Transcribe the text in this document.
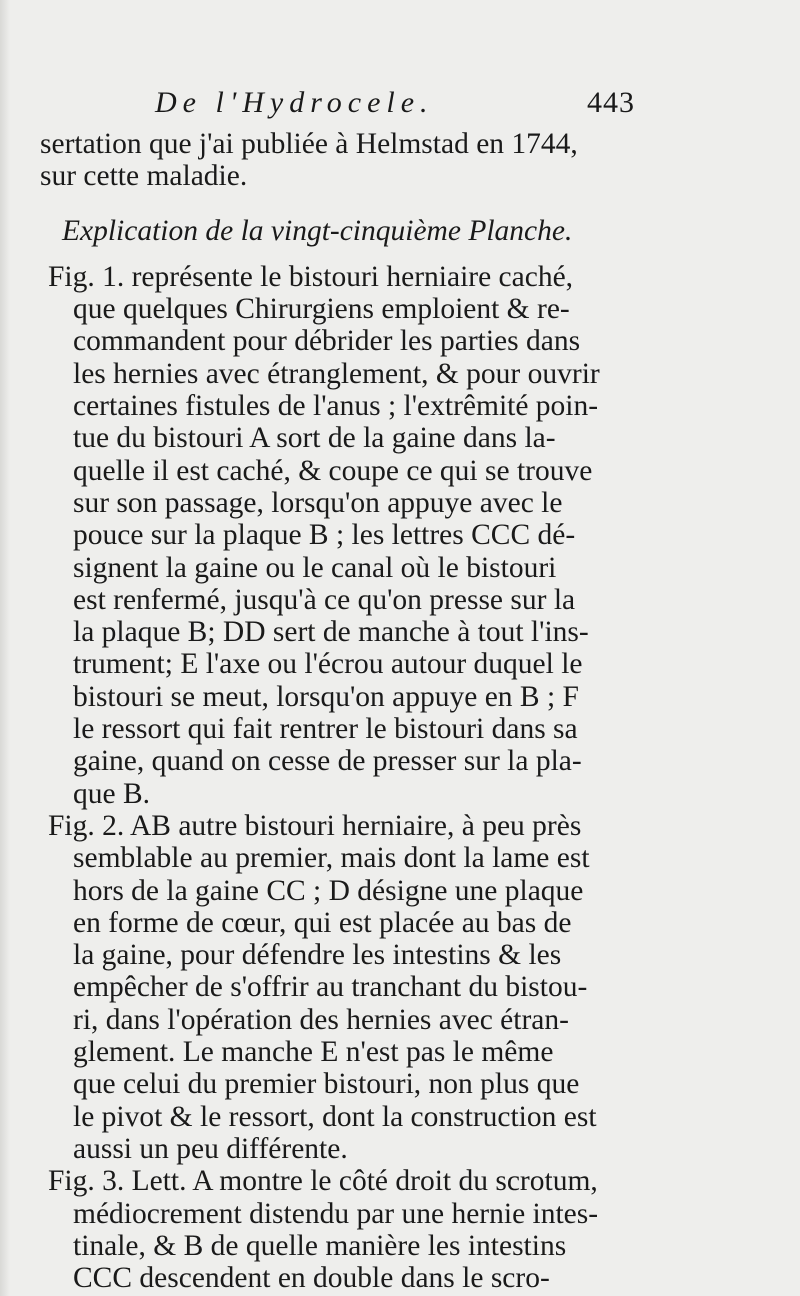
De l'Hydrocele.	443
sertation que j'ai publiée à Helmstad en 1744,
sur cette maladie.
Explication de la vingt-cinquième Planche.
Fig. 1. représente le bistouri herniaire caché,
que quelques Chirurgiens emploient & re-
commandent pour débrider les parties dans
les hernies avec étranglement, & pour ouvrir
certaines fistules de l'anus ; l'extrêmité poin-
tue du bistouri A sort de la gaine dans la-
quelle il est caché, & coupe ce qui se trouve
sur son passage, lorsqu'on appuye avec le
pouce sur la plaque B ; les lettres CCC dé-
signent la gaine ou le canal où le bistouri
est renfermé, jusqu'à ce qu'on presse sur la
la plaque B; DD sert de manche à tout l'ins-
trument; E l'axe ou l'écrou autour duquel le
bistouri se meut, lorsqu'on appuye en B ; F
le ressort qui fait rentrer le bistouri dans sa
gaine, quand on cesse de presser sur la pla-
que B.
Fig. 2. AB autre bistouri herniaire, à peu près
semblable au premier, mais dont la lame est
hors de la gaine CC ; D désigne une plaque
en forme de cœur, qui est placée au bas de
la gaine, pour défendre les intestins & les
empêcher de s'offrir au tranchant du bistou-
ri, dans l'opération des hernies avec étran-
glement. Le manche E n'est pas le même
que celui du premier bistouri, non plus que
le pivot & le ressort, dont la construction est
aussi un peu différente.
Fig. 3. Lett. A montre le côté droit du scrotum,
médiocrement distendu par une hernie intes-
tinale, & B de quelle manière les intestins
CCC descendent en double dans le scro-
